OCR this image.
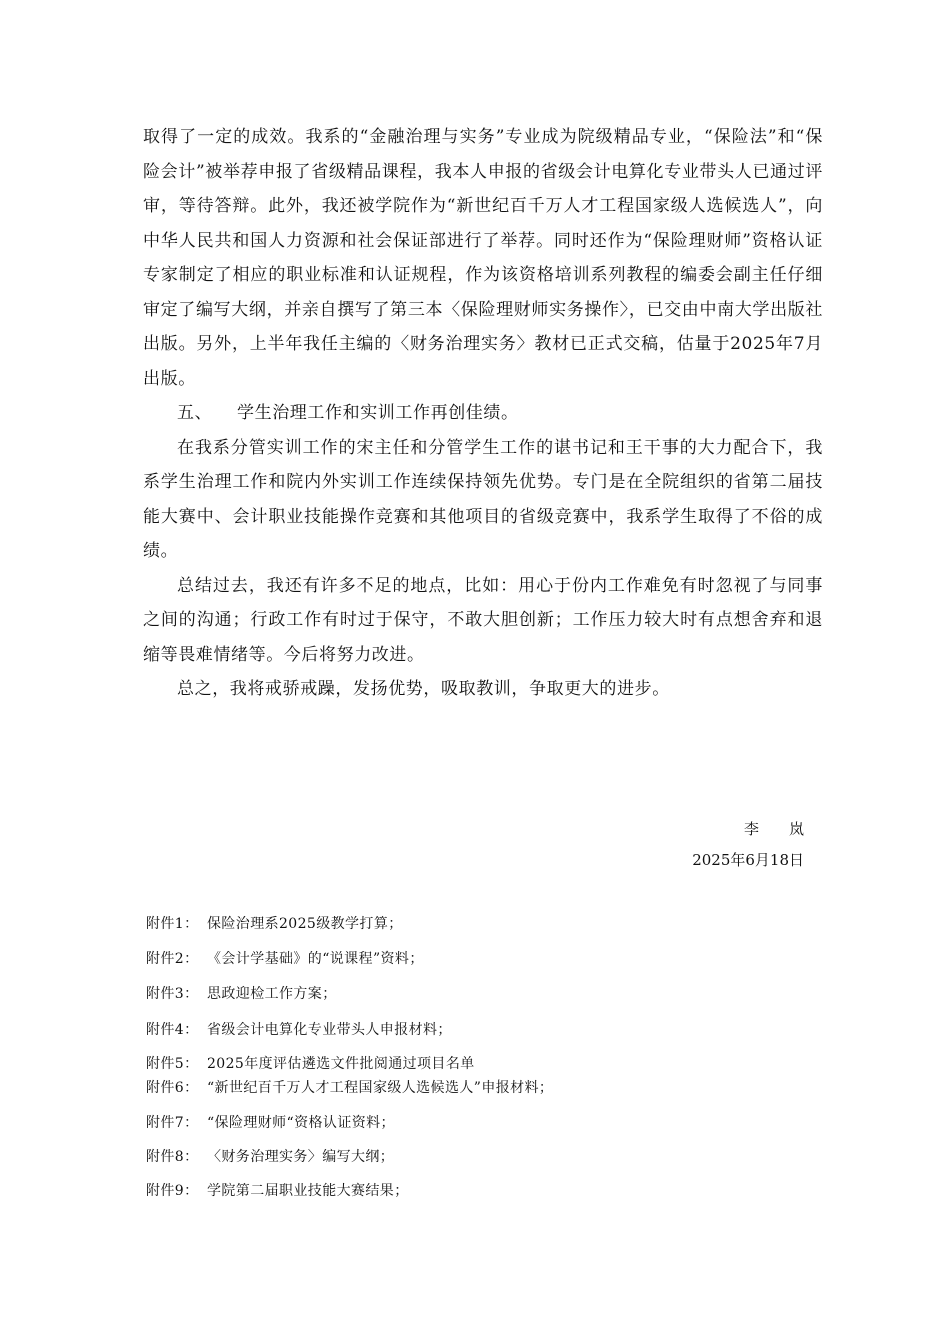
取得了一定的成效。我系的“金融治理与实务”专业成为院级精品专业，“保险法”和“保险会计”被举荐申报了省级精品课程，我本人申报的省级会计电算化专业带头人已通过评审，等待答辩。此外，我还被学院作为“新世纪百千万人才工程国家级人选候选人”，向中华人民共和国人力资源和社会保证部进行了举荐。同时还作为“保险理财师”资格认证专家制定了相应的职业标准和认证规程，作为该资格培训系列教程的编委会副主任仔细审定了编写大纲，并亲自撰写了第三本〈保险理财师实务操作〉，已交由中南大学出版社出版。另外，上半年我任主编的〈财务治理实务〉教材已正式交稿，估量于2025年7月出版。

五、 学生治理工作和实训工作再创佳绩。

在我系分管实训工作的宋主任和分管学生工作的谌书记和王干事的大力配合下，我系学生治理工作和院内外实训工作连续保持领先优势。专门是在全院组织的省第二届技能大赛中、会计职业技能操作竞赛和其他项目的省级竞赛中，我系学生取得了不俗的成绩。

总结过去，我还有许多不足的地点，比如：用心于份内工作难免有时忽视了与同事之间的沟通；行政工作有时过于保守，不敢大胆创新；工作压力较大时有点想舍弃和退缩等畏难情绪等。今后将努力改进。

总之，我将戒骄戒躁，发扬优势，吸取教训，争取更大的进步。

李岚
2025年6月18日
附件1： 保险治理系2025级教学打算；
附件2： 《会计学基础》的“说课程”资料；
附件3： 思政迎检工作方案；
附件4： 省级会计电算化专业带头人申报材料；
附件5： 2025年度评估遴选文件批阅通过项目名单
附件6： “新世纪百千万人才工程国家级人选候选人”申报材料；
附件7： “保险理财师“资格认证资料；
附件8： 〈财务治理实务〉编写大纲；
附件9： 学院第二届职业技能大赛结果；
